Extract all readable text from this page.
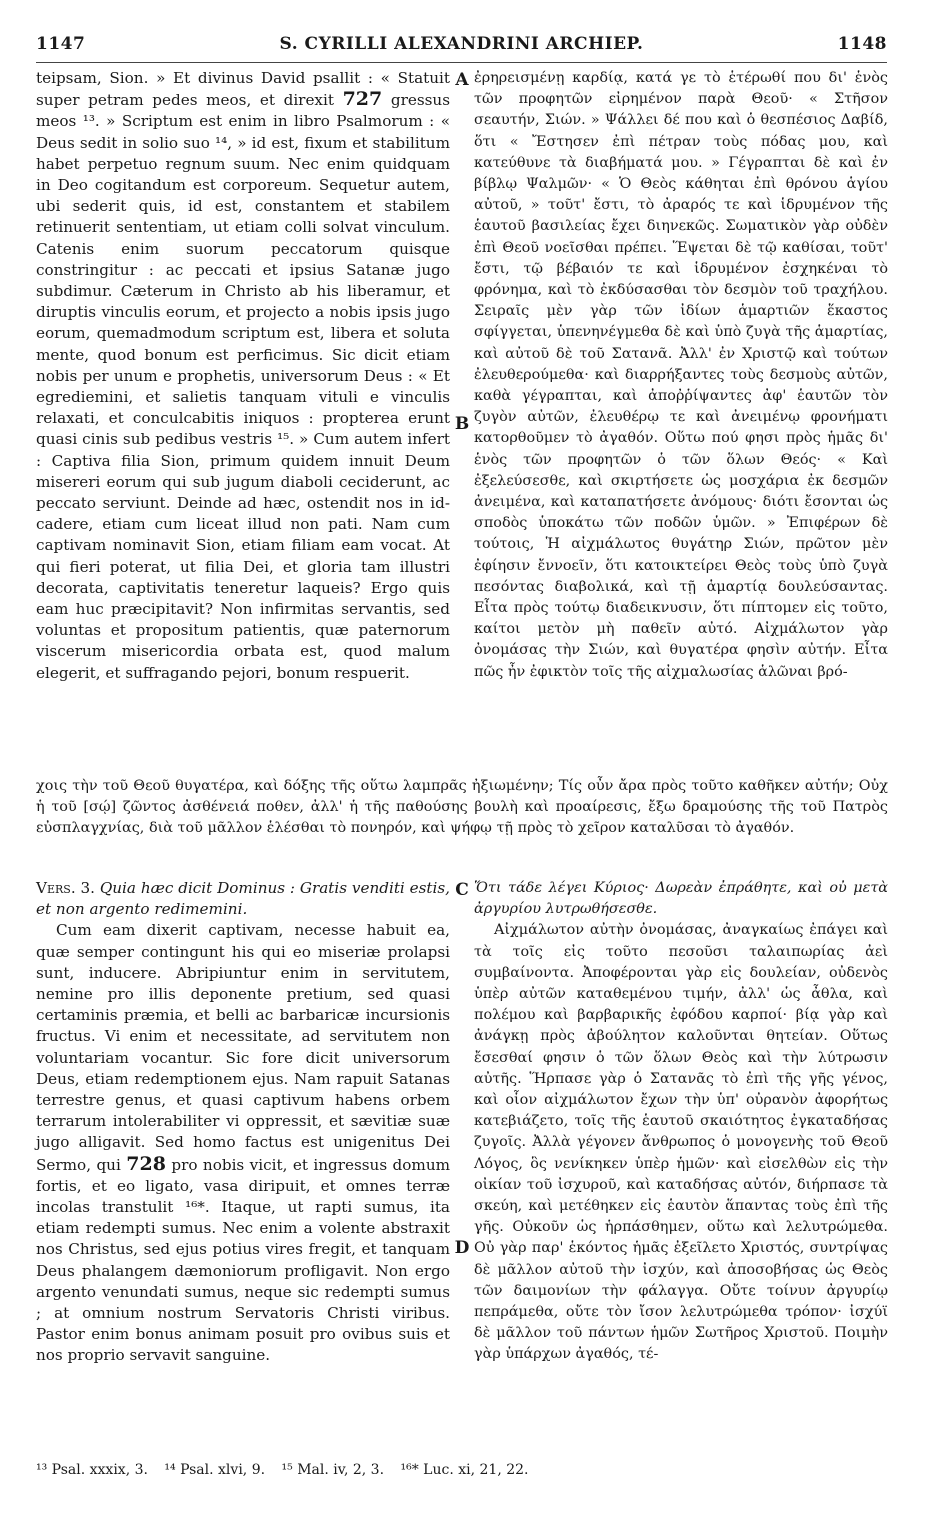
1147	S. CYRILLI ALEXANDRINI ARCHIEP.	1148

teipsam, Sion. » Et divinus David psallit : « Statuit super petram pedes meos, et direxit 727 gressus meos ¹³. » Scriptum est enim in libro Psalmorum : « Deus sedit in solio suo ¹⁴, » id est, fixum et stabilitum habet perpetuo regnum suum. Nec enim quidquam in Deo cogitandum est corporeum. Sequetur autem, ubi sederit quis, id est, constantem et stabilem retinuerit sententiam, ut etiam colli solvat vinculum. Catenis enim suorum peccatorum quisque constringitur : ac peccati et ipsius Satanæ jugo subdimur. Cæterum in Christo ab his liberamur, et diruptis vinculis eorum, et projecto a nobis ipsis jugo eorum, quemadmodum scriptum est, libera et soluta mente, quod bonum est perficimus. Sic dicit etiam nobis per unum e prophetis, universorum Deus : « Et egrediemini, et salietis tanquam vituli e vinculis relaxati, et conculcabitis iniquos : propterea erunt quasi cinis sub pedibus vestris ¹⁵. » Cum autem infert : Captiva filia Sion, primum quidem innuit Deum misereri eorum qui sub jugum diaboli ceciderunt, ac peccato serviunt. Deinde ad hæc, ostendit nos in id- cadere, etiam cum liceat illud non pati. Nam cum captivam nominavit Sion, etiam filiam eam vocat. At qui fieri poterat, ut filia Dei, et gloria tam illustri decorata, captivitatis teneretur laqueis? Ergo quis eam huc præcipitavit? Non infirmitas servantis, sed voluntas et propositum patientis, quæ paternorum viscerum misericordia orbata est, quod malum elegerit, et suffragando pejori, bonum respuerit.

ἐρηρεισμένῃ καρδίᾳ, κατά γε τὸ ἑτέρωθί που δι' ἑνὸς τῶν προφητῶν εἰρημένον παρὰ Θεοῦ· « Στῆσον σεαυτήν, Σιών. » Ψάλλει δέ που καὶ ὁ θεσπέσιος Δαβίδ, ὅτι « Ἔστησεν ἐπὶ πέτραν τοὺς πόδας μου, καὶ κατεύθυνε τὰ διαβήματά μου. » Γέγραπται δὲ καὶ ἐν βίβλῳ Ψαλμῶν· « Ὁ Θεὸς κάθηται ἐπὶ θρόνου ἁγίου αὐτοῦ, » τοῦτ' ἔστι, τὸ ἀραρός τε καὶ ἱδρυμένον τῆς ἑαυτοῦ βασιλείας ἔχει διηνεκῶς. Σωματικὸν γὰρ οὐδὲν ἐπὶ Θεοῦ νοεῖσθαι πρέπει. Ἕψεται δὲ τῷ καθίσαι, τοῦτ' ἔστι, τῷ βέβαιόν τε καὶ ἱδρυμένον ἐσχηκέναι τὸ φρόνημα, καὶ τὸ ἐκδύσασθαι τὸν δεσμὸν τοῦ τραχήλου. Σειραῖς μὲν γὰρ τῶν ἰδίων ἁμαρτιῶν ἕκαστος σφίγγεται, ὑπενηνέγμεθα δὲ καὶ ὑπὸ ζυγὰ τῆς ἁμαρτίας, καὶ αὐτοῦ δὲ τοῦ Σατανᾶ. Ἀλλ' ἐν Χριστῷ καὶ τούτων ἐλευθερούμεθα· καὶ διαρρήξαντες τοὺς δεσμοὺς αὐτῶν, καθὰ γέγραπται, καὶ ἀποῤῥίψαντες ἀφ' ἑαυτῶν τὸν ζυγὸν αὐτῶν, ἐλευθέρῳ τε καὶ ἀνειμένῳ φρονήματι κατορθοῦμεν τὸ ἀγαθόν. Οὕτω πού φησι πρὸς ἡμᾶς δι' ἑνὸς τῶν προφητῶν ὁ τῶν ὅλων Θεός· « Καὶ ἐξελεύσεσθε, καὶ σκιρτήσετε ὡς μοσχάρια ἐκ δεσμῶν ἀνειμένα, καὶ καταπατήσετε ἀνόμους· διότι ἔσονται ὡς σποδὸς ὑποκάτω τῶν ποδῶν ὑμῶν. » Ἐπιφέρων δὲ τούτοις, Ἡ αἰχμάλωτος θυγάτηρ Σιών, πρῶτον μὲν ἐφίησιν ἔννοεῖν, ὅτι κατοικτείρει Θεὸς τοὺς ὑπὸ ζυγὰ πεσόντας διαβολικά, καὶ τῇ ἁμαρτίᾳ δουλεύσαντας. Εἶτα πρὸς τούτῳ διαδεικνυσιν, ὅτι πίπτομεν εἰς τοῦτο, καίτοι μετὸν μὴ παθεῖν αὐτό. Αἰχμάλωτον γὰρ ὀνομάσας τὴν Σιών, καὶ θυγατέρα φησὶν αὐτήν. Εἶτα πῶς ἦν ἐφικτὸν τοῖς τῆς αἰχμαλωσίας ἁλῶναι βρό-

A
B
C
D

χοις τὴν τοῦ Θεοῦ θυγατέρα, καὶ δόξης τῆς οὕτω λαμπρᾶς ἠξιωμένην; Τίς οὖν ἄρα πρὸς τοῦτο καθῆκεν αὐτήν; Οὐχ ἡ τοῦ [σῴ] ζῶντος ἀσθένειά ποθεν, ἀλλ' ἡ τῆς παθούσης βουλὴ καὶ προαίρεσις, ἔξω δραμούσης τῆς τοῦ Πατρὸς εὐσπλαγχνίας, διὰ τοῦ μᾶλλον ἑλέσθαι τὸ πονηρόν, καὶ ψήφῳ τῇ πρὸς τὸ χεῖρον καταλῦσαι τὸ ἀγαθόν.

Vers. 3. Quia hæc dicit Dominus : Gratis venditi estis, et non argento redimemini.

Cum eam dixerit captivam, necesse habuit ea, quæ semper contingunt his qui eo miseriæ prolapsi sunt, inducere. Abripiuntur enim in servitutem, nemine pro illis deponente pretium, sed quasi certaminis præmia, et belli ac barbaricæ incursionis fructus. Vi enim et necessitate, ad servitutem non voluntariam vocantur. Sic fore dicit universorum Deus, etiam redemptionem ejus. Nam rapuit Satanas terrestre genus, et quasi captivum habens orbem terrarum intolerabiliter vi oppressit, et sævitiæ suæ jugo alligavit. Sed homo factus est unigenitus Dei Sermo, qui 728 pro nobis vicit, et ingressus domum fortis, et eo ligato, vasa diripuit, et omnes terræ incolas transtulit ¹⁶*. Itaque, ut rapti sumus, ita etiam redempti sumus. Nec enim a volente abstraxit nos Christus, sed ejus potius vires fregit, et tanquam Deus phalangem dæmoniorum profligavit. Non ergo argento venundati sumus, neque sic redempti sumus ; at omnium nostrum Servatoris Christi viribus. Pastor enim bonus animam posuit pro ovibus suis et nos proprio servavit sanguine.

Ὅτι τάδε λέγει Κύριος· Δωρεὰν ἐπράθητε, καὶ οὐ μετὰ ἀργυρίου λυτρωθήσεσθε.

Αἰχμάλωτον αὐτὴν ὀνομάσας, ἀναγκαίως ἐπάγει καὶ τὰ τοῖς εἰς τοῦτο πεσοῦσι ταλαιπωρίας ἀεὶ συμβαίνοντα. Ἀποφέρονται γὰρ εἰς δουλείαν, οὐδενὸς ὑπὲρ αὐτῶν καταθεμένου τιμήν, ἀλλ' ὡς ἆθλα, καὶ πολέμου καὶ βαρβαρικῆς ἐφόδου καρποί· βίᾳ γὰρ καὶ ἀνάγκῃ πρὸς ἀβούλητον καλοῦνται θητείαν. Οὕτως ἔσεσθαί φησιν ὁ τῶν ὅλων Θεὸς καὶ τὴν λύτρωσιν αὐτῆς. Ἥρπασε γὰρ ὁ Σατανᾶς τὸ ἐπὶ τῆς γῆς γένος, καὶ οἷον αἰχμάλωτον ἔχων τὴν ὑπ' οὐρανὸν ἀφορήτως κατεβιάζετο, τοῖς τῆς ἑαυτοῦ σκαιότητος ἐγκαταδήσας ζυγοῖς. Ἀλλὰ γέγονεν ἄνθρωπος ὁ μονογενὴς τοῦ Θεοῦ Λόγος, ὃς νενίκηκεν ὑπὲρ ἡμῶν· καὶ εἰσελθὼν εἰς τὴν οἰκίαν τοῦ ἰσχυροῦ, καὶ καταδήσας αὐτόν, διήρπασε τὰ σκεύη, καὶ μετέθηκεν εἰς ἑαυτὸν ἅπαντας τοὺς ἐπὶ τῆς γῆς. Οὐκοῦν ὡς ἡρπάσθημεν, οὕτω καὶ λελυτρώμεθα. Οὐ γὰρ παρ' ἑκόντος ἡμᾶς ἐξεῖλετο Χριστός, συντρίψας δὲ μᾶλλον αὐτοῦ τὴν ἰσχύν, καὶ ἀποσοβήσας ὡς Θεὸς τῶν δαιμονίων τὴν φάλαγγα. Οὔτε τοίνυν ἀργυρίῳ πεπράμεθα, οὔτε τὸν ἴσον λελυτρώμεθα τρόπον· ἰσχύϊ δὲ μᾶλλον τοῦ πάντων ἡμῶν Σωτῆρος Χριστοῦ. Ποιμὴν γὰρ ὑπάρχων ἀγαθός, τέ-

¹³ Psal. xxxix, 3. ¹⁴ Psal. xlvi, 9. ¹⁵ Mal. iv, 2, 3. ¹⁶* Luc. xi, 21, 22.
